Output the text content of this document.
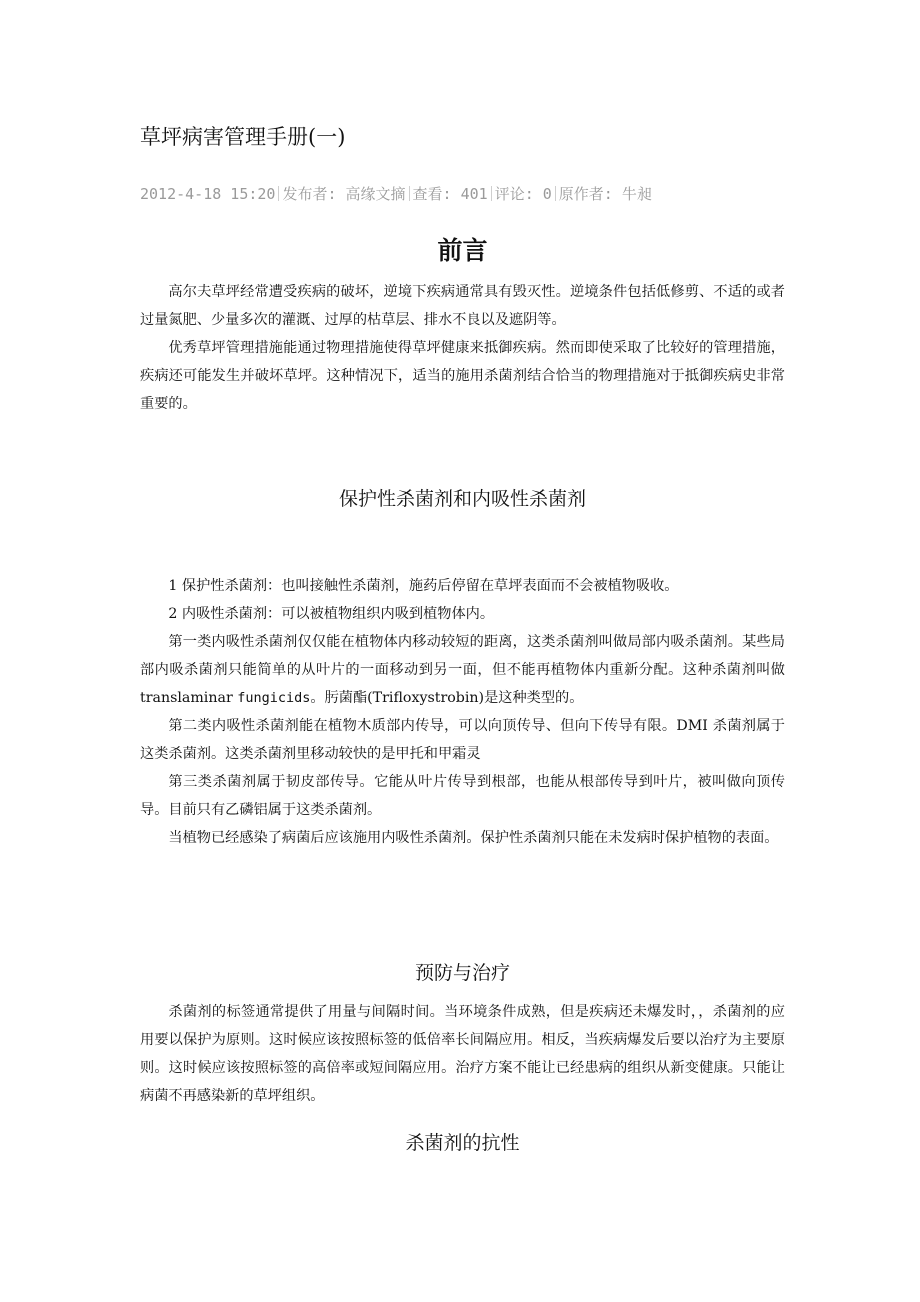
草坪病害管理手册(一)
2012-4-18 15:20 发布者: 高缘文摘 查看: 401 评论: 0 原作者: 牛昶
前言

高尔夫草坪经常遭受疾病的破坏，逆境下疾病通常具有毁灭性。逆境条件包括低修剪、不适的或者过量氮肥、少量多次的灌溉、过厚的枯草层、排水不良以及遮阴等。

优秀草坪管理措施能通过物理措施使得草坪健康来抵御疾病。然而即使采取了比较好的管理措施，疾病还可能发生并破坏草坪。这种情况下，适当的施用杀菌剂结合恰当的物理措施对于抵御疾病史非常重要的。

保护性杀菌剂和内吸性杀菌剂

1 保护性杀菌剂：也叫接触性杀菌剂，施药后停留在草坪表面而不会被植物吸收。

2 内吸性杀菌剂：可以被植物组织内吸到植物体内。

第一类内吸性杀菌剂仅仅能在植物体内移动较短的距离，这类杀菌剂叫做局部内吸杀菌剂。某些局部内吸杀菌剂只能简单的从叶片的一面移动到另一面，但不能再植物体内重新分配。这种杀菌剂叫做 translaminar fungicids。肟菌酯(Trifloxystrobin)是这种类型的。

第二类内吸性杀菌剂能在植物木质部内传导，可以向顶传导、但向下传导有限。DMI 杀菌剂属于这类杀菌剂。这类杀菌剂里移动较快的是甲托和甲霜灵

第三类杀菌剂属于韧皮部传导。它能从叶片传导到根部，也能从根部传导到叶片，被叫做向顶传导。目前只有乙磷铝属于这类杀菌剂。

当植物已经感染了病菌后应该施用内吸性杀菌剂。保护性杀菌剂只能在未发病时保护植物的表面。

预防与治疗

杀菌剂的标签通常提供了用量与间隔时间。当环境条件成熟，但是疾病还未爆发时，，杀菌剂的应用要以保护为原则。这时候应该按照标签的低倍率长间隔应用。相反，当疾病爆发后要以治疗为主要原则。这时候应该按照标签的高倍率或短间隔应用。治疗方案不能让已经患病的组织从新变健康。只能让病菌不再感染新的草坪组织。

杀菌剂的抗性
